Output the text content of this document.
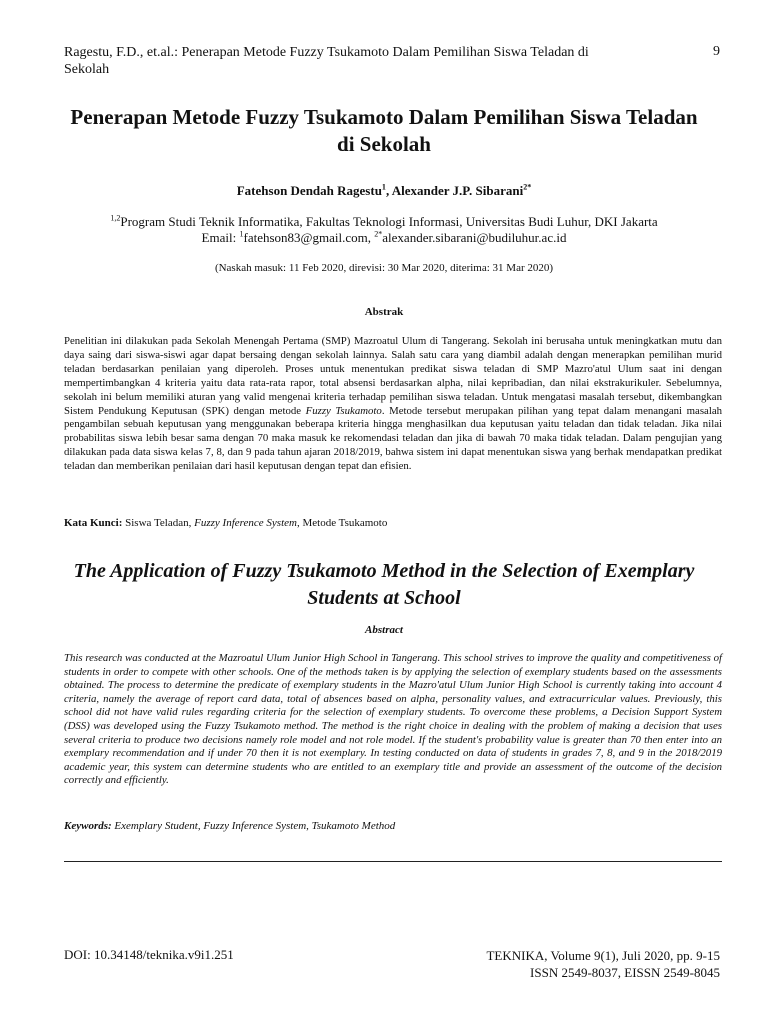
Ragestu, F.D., et.al.: Penerapan Metode Fuzzy Tsukamoto Dalam Pemilihan Siswa Teladan di Sekolah
9
Penerapan Metode Fuzzy Tsukamoto Dalam Pemilihan Siswa Teladan di Sekolah
Fatehson Dendah Ragestu$^1$, Alexander J.P. Sibarani$^{2*}$
$^{1,2}$Program Studi Teknik Informatika, Fakultas Teknologi Informasi, Universitas Budi Luhur, DKI Jakarta
Email: $^1$fatehson83@gmail.com, $^{2*}$alexander.sibarani@budiluhur.ac.id
(Naskah masuk: 11 Feb 2020, direvisi: 30 Mar 2020, diterima: 31 Mar 2020)
Abstrak

Penelitian ini dilakukan pada Sekolah Menengah Pertama (SMP) Mazroatul Ulum di Tangerang. Sekolah ini berusaha untuk meningkatkan mutu dan daya saing dari siswa-siswi agar dapat bersaing dengan sekolah lainnya. Salah satu cara yang diambil adalah dengan menerapkan pemilihan murid teladan berdasarkan penilaian yang diperoleh. Proses untuk menentukan predikat siswa teladan di SMP Mazro'atul Ulum saat ini dengan mempertimbangkan 4 kriteria yaitu data rata-rata rapor, total absensi berdasarkan alpha, nilai kepribadian, dan nilai ekstrakurikuler. Sebelumnya, sekolah ini belum memiliki aturan yang valid mengenai kriteria terhadap pemilihan siswa teladan. Untuk mengatasi masalah tersebut, dikembangkan Sistem Pendukung Keputusan (SPK) dengan metode Fuzzy Tsukamoto. Metode tersebut merupakan pilihan yang tepat dalam menangani masalah pengambilan sebuah keputusan yang menggunakan beberapa kriteria hingga menghasilkan dua keputusan yaitu teladan dan tidak teladan. Jika nilai probabilitas siswa lebih besar sama dengan 70 maka masuk ke rekomendasi teladan dan jika di bawah 70 maka tidak teladan. Dalam pengujian yang dilakukan pada data siswa kelas 7, 8, dan 9 pada tahun ajaran 2018/2019, bahwa sistem ini dapat menentukan siswa yang berhak mendapatkan predikat teladan dan memberikan penilaian dari hasil keputusan dengan tepat dan efisien.

Kata Kunci: Siswa Teladan, Fuzzy Inference System, Metode Tsukamoto
The Application of Fuzzy Tsukamoto Method in the Selection of Exemplary Students at School
Abstract

This research was conducted at the Mazroatul Ulum Junior High School in Tangerang. This school strives to improve the quality and competitiveness of students in order to compete with other schools. One of the methods taken is by applying the selection of exemplary students based on the assessments obtained. The process to determine the predicate of exemplary students in the Mazro'atul Ulum Junior High School is currently taking into account 4 criteria, namely the average of report card data, total of absences based on alpha, personality values, and extracurricular values. Previously, this school did not have valid rules regarding criteria for the selection of exemplary students. To overcome these problems, a Decision Support System (DSS) was developed using the Fuzzy Tsukamoto method. The method is the right choice in dealing with the problem of making a decision that uses several criteria to produce two decisions namely role model and not role model. If the student's probability value is greater than 70 then enter into an exemplary recommendation and if under 70 then it is not exemplary. In testing conducted on data of students in grades 7, 8, and 9 in the 2018/2019 academic year, this system can determine students who are entitled to an exemplary title and provide an assessment of the outcome of the decision correctly and efficiently.

Keywords: Exemplary Student, Fuzzy Inference System, Tsukamoto Method
DOI: 10.34148/teknika.v9i1.251	TEKNIKA, Volume 9(1), Juli 2020, pp. 9-15
ISSN 2549-8037, EISSN 2549-8045
